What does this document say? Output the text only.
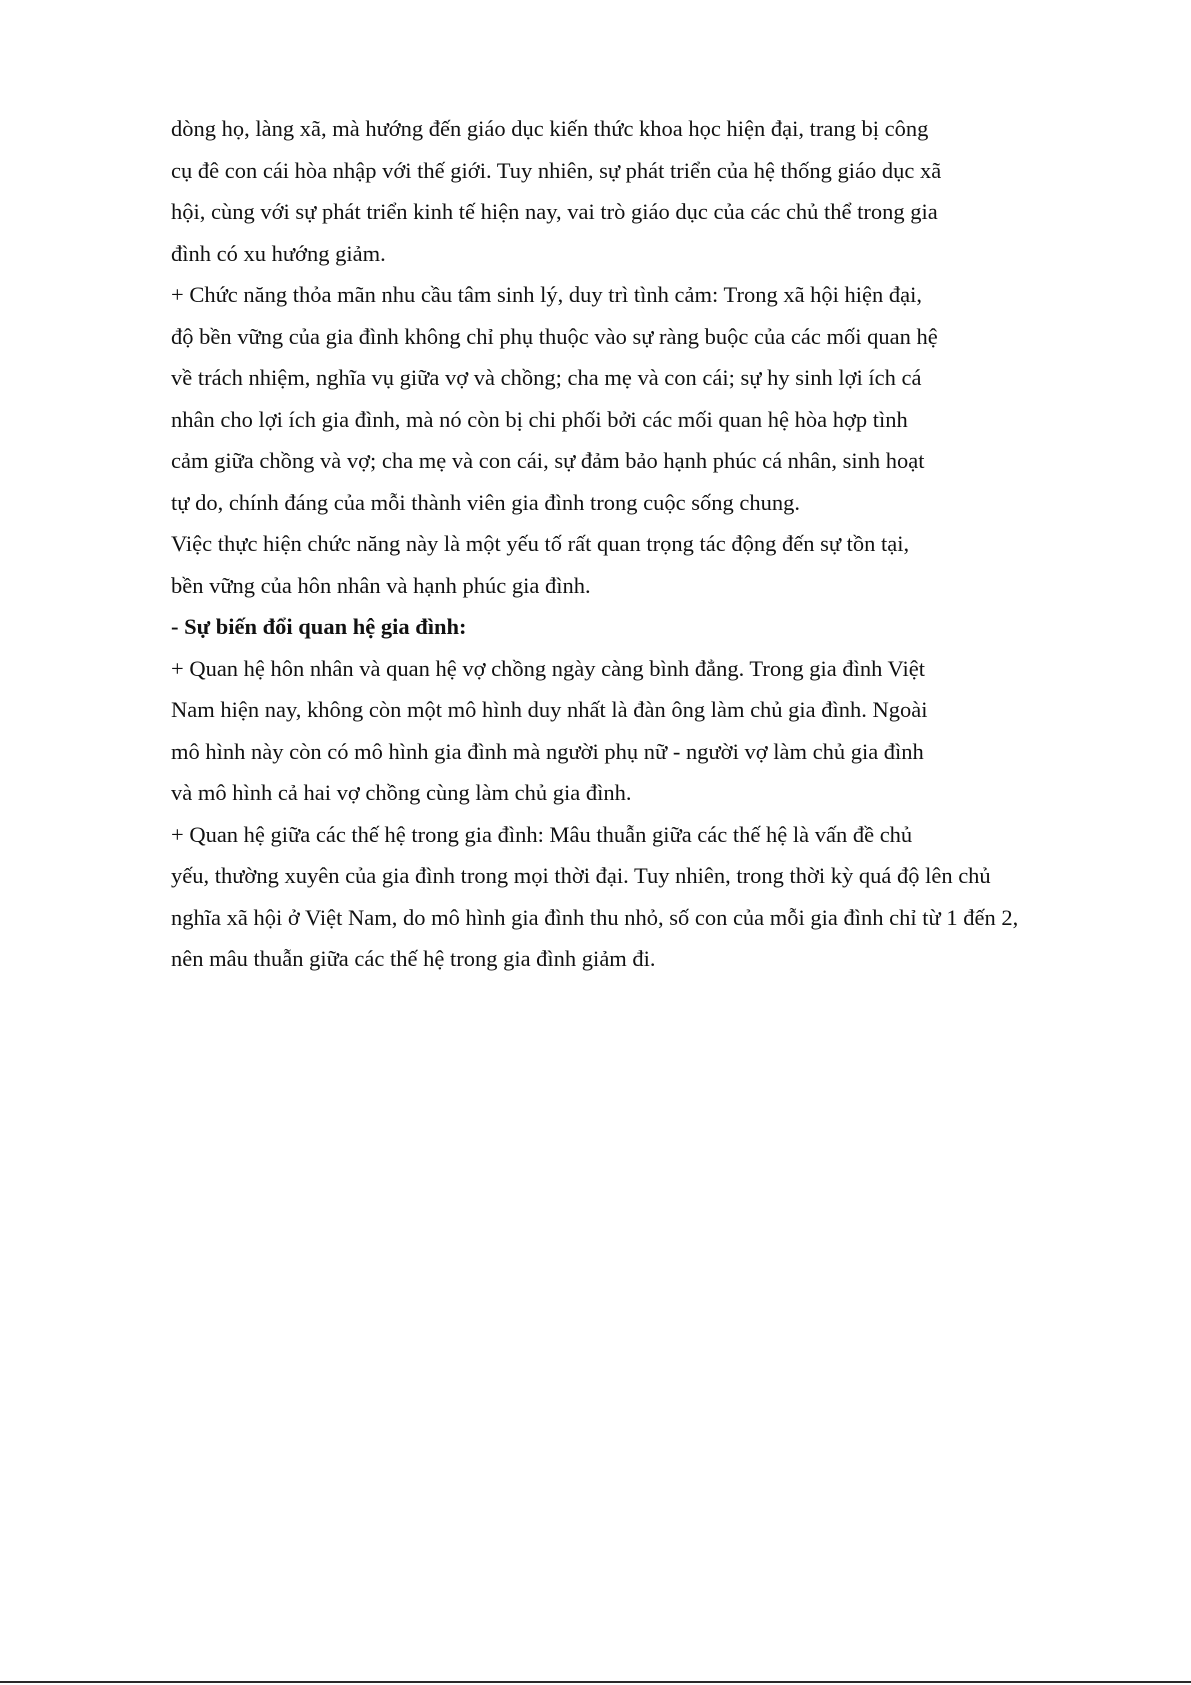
dòng họ, làng xã, mà hướng đến giáo dục kiến thức khoa học hiện đại, trang bị công

cụ đê con cái hòa nhập với thế giới. Tuy nhiên, sự phát triển của hệ thống giáo dục xã

hội, cùng với sự phát triển kinh tế hiện nay, vai trò giáo dục của các chủ thể trong gia

đình có xu hướng giảm.

+ Chức năng thỏa mãn nhu cầu tâm sinh lý, duy trì tình cảm: Trong xã hội hiện đại,

độ bền vững của gia đình không chỉ phụ thuộc vào sự ràng buộc của các mối quan hệ

về trách nhiệm, nghĩa vụ giữa vợ và chồng; cha mẹ và con cái; sự hy sinh lợi ích cá

nhân cho lợi ích gia đình, mà nó còn bị chi phối bởi các mối quan hệ hòa hợp tình

cảm giữa chồng và vợ; cha mẹ và con cái, sự đảm bảo hạnh phúc cá nhân, sinh hoạt

tự do, chính đáng của mỗi thành viên gia đình trong cuộc sống chung.

Việc thực hiện chức năng này là một yếu tố rất quan trọng tác động đến sự tồn tại,

bền vững của hôn nhân và hạnh phúc gia đình.

- Sự biến đổi quan hệ gia đình:

+ Quan hệ hôn nhân và quan hệ vợ chồng ngày càng bình đẳng. Trong gia đình Việt

Nam hiện nay, không còn một mô hình duy nhất là đàn ông làm chủ gia đình. Ngoài

mô hình này còn có mô hình gia đình mà người phụ nữ - người vợ làm chủ gia đình

và mô hình cả hai vợ chồng cùng làm chủ gia đình.

+ Quan hệ giữa các thế hệ trong gia đình: Mâu thuẫn giữa các thế hệ là vấn đề chủ

yếu, thường xuyên của gia đình trong mọi thời đại. Tuy nhiên, trong thời kỳ quá độ lên chủ

nghĩa xã hội ở Việt Nam, do mô hình gia đình thu nhỏ, số con của mỗi gia đình chỉ từ 1 đến 2,

nên mâu thuẫn giữa các thế hệ trong gia đình giảm đi.
